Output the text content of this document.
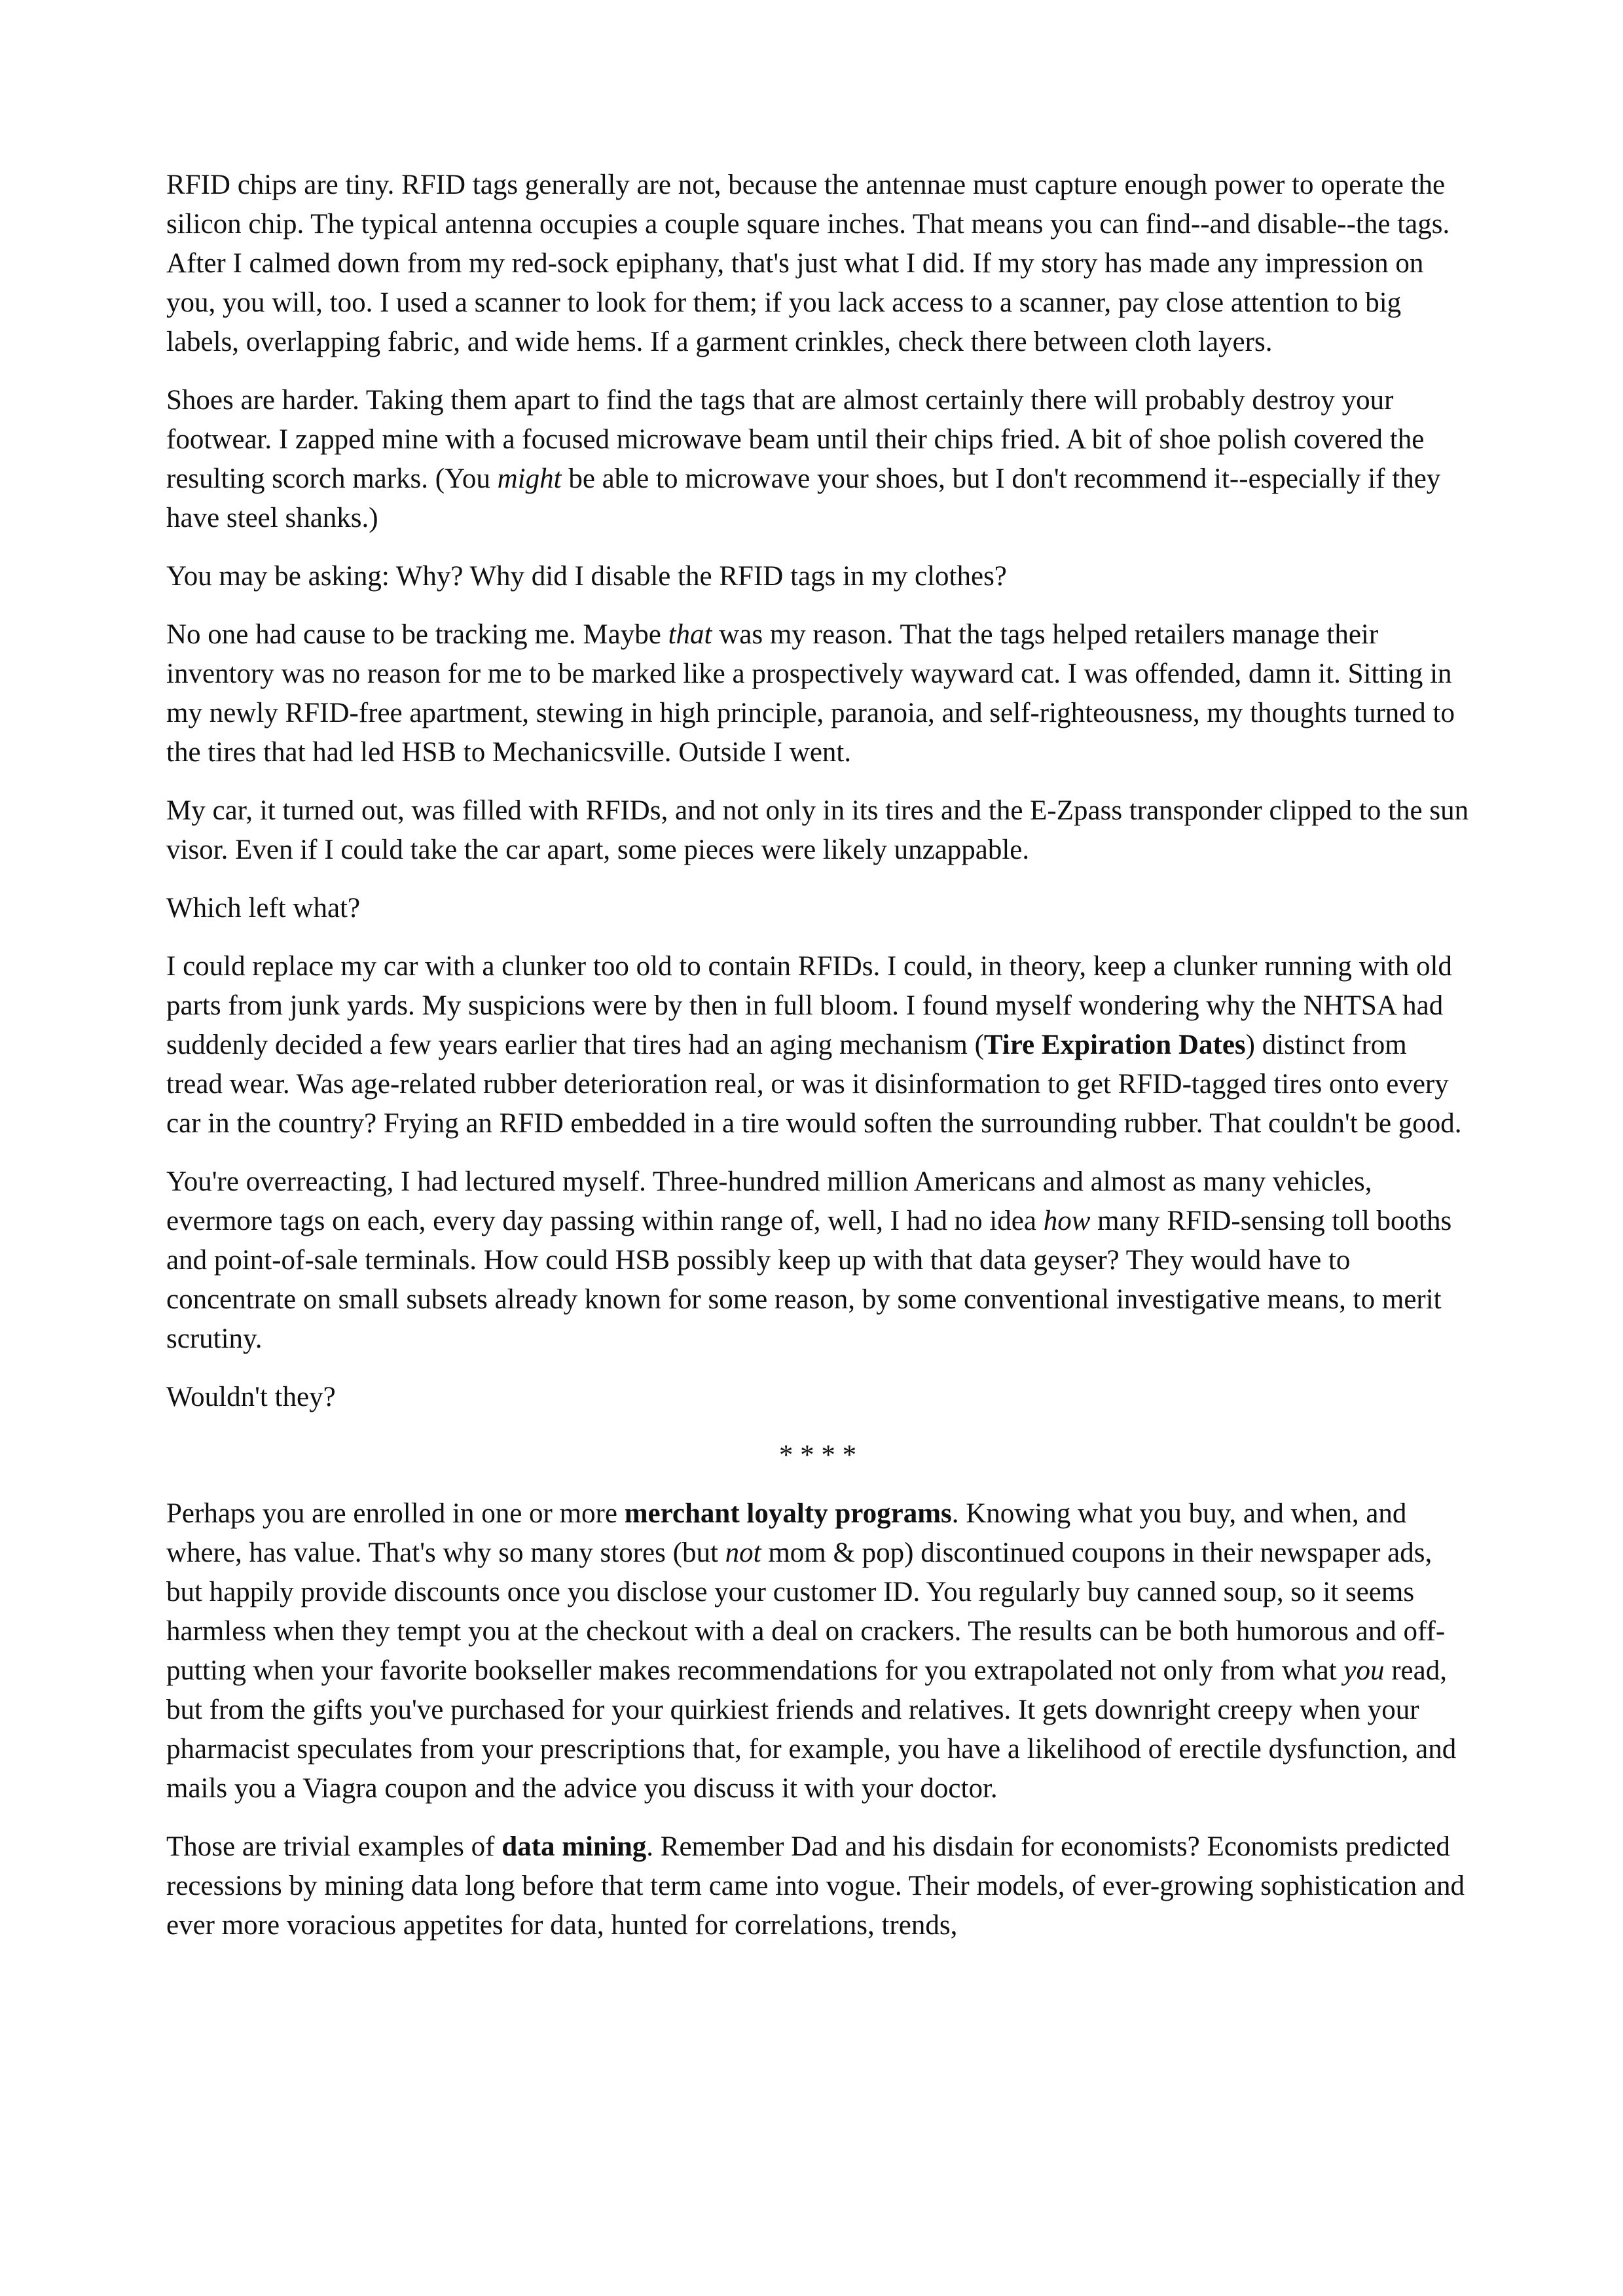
RFID chips are tiny. RFID tags generally are not, because the antennae must capture enough power to operate the silicon chip. The typical antenna occupies a couple square inches. That means you can find--and disable--the tags. After I calmed down from my red-sock epiphany, that's just what I did. If my story has made any impression on you, you will, too. I used a scanner to look for them; if you lack access to a scanner, pay close attention to big labels, overlapping fabric, and wide hems. If a garment crinkles, check there between cloth layers.

Shoes are harder. Taking them apart to find the tags that are almost certainly there will probably destroy your footwear. I zapped mine with a focused microwave beam until their chips fried. A bit of shoe polish covered the resulting scorch marks. (You might be able to microwave your shoes, but I don't recommend it--especially if they have steel shanks.)

You may be asking: Why? Why did I disable the RFID tags in my clothes?

No one had cause to be tracking me. Maybe that was my reason. That the tags helped retailers manage their inventory was no reason for me to be marked like a prospectively wayward cat. I was offended, damn it. Sitting in my newly RFID-free apartment, stewing in high principle, paranoia, and self-righteousness, my thoughts turned to the tires that had led HSB to Mechanicsville. Outside I went.

My car, it turned out, was filled with RFIDs, and not only in its tires and the E-Zpass transponder clipped to the sun visor. Even if I could take the car apart, some pieces were likely unzappable.

Which left what?

I could replace my car with a clunker too old to contain RFIDs. I could, in theory, keep a clunker running with old parts from junk yards. My suspicions were by then in full bloom. I found myself wondering why the NHTSA had suddenly decided a few years earlier that tires had an aging mechanism (Tire Expiration Dates) distinct from tread wear. Was age-related rubber deterioration real, or was it disinformation to get RFID-tagged tires onto every car in the country? Frying an RFID embedded in a tire would soften the surrounding rubber. That couldn't be good.

You're overreacting, I had lectured myself. Three-hundred million Americans and almost as many vehicles, evermore tags on each, every day passing within range of, well, I had no idea how many RFID-sensing toll booths and point-of-sale terminals. How could HSB possibly keep up with that data geyser? They would have to concentrate on small subsets already known for some reason, by some conventional investigative means, to merit scrutiny.

Wouldn't they?

* * * *

Perhaps you are enrolled in one or more merchant loyalty programs. Knowing what you buy, and when, and where, has value. That's why so many stores (but not mom & pop) discontinued coupons in their newspaper ads, but happily provide discounts once you disclose your customer ID. You regularly buy canned soup, so it seems harmless when they tempt you at the checkout with a deal on crackers. The results can be both humorous and off-putting when your favorite bookseller makes recommendations for you extrapolated not only from what you read, but from the gifts you've purchased for your quirkiest friends and relatives. It gets downright creepy when your pharmacist speculates from your prescriptions that, for example, you have a likelihood of erectile dysfunction, and mails you a Viagra coupon and the advice you discuss it with your doctor.

Those are trivial examples of data mining. Remember Dad and his disdain for economists? Economists predicted recessions by mining data long before that term came into vogue. Their models, of ever-growing sophistication and ever more voracious appetites for data, hunted for correlations, trends,
